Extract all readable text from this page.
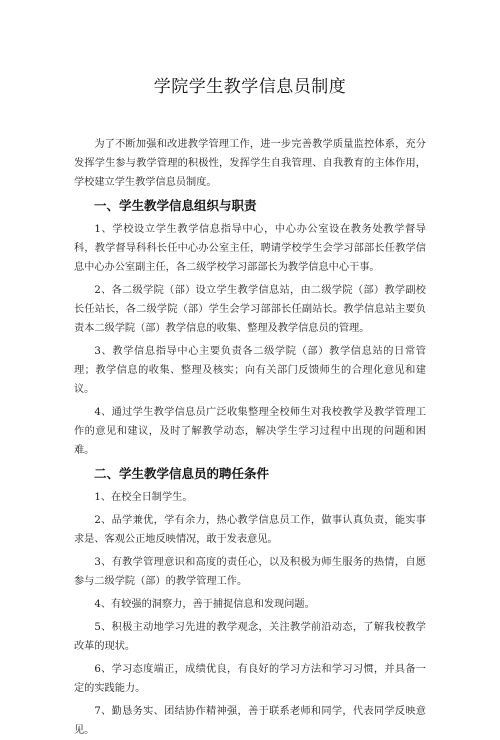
学院学生教学信息员制度

为了不断加强和改进教学管理工作，进一步完善教学质量监控体系，充分发挥学生参与教学管理的积极性，发挥学生自我管理、自我教育的主体作用，学校建立学生教学信息员制度。

一、学生教学信息组织与职责

1、学校设立学生教学信息指导中心，中心办公室设在教务处教学督导科，教学督导科科长任中心办公室主任，聘请学校学生会学习部部长任教学信息中心办公室副主任，各二级学校学习部部长为教学信息中心干事。

2、各二级学院（部）设立学生教学信息站，由二级学院（部）教学副校长任站长，各二级学院（部）学生会学习部部长任副站长。教学信息站主要负责本二级学院（部）教学信息的收集、整理及教学信息员的管理。

3、教学信息指导中心主要负责各二级学院（部）教学信息站的日常管理；教学信息的收集、整理及核实；向有关部门反馈师生的合理化意见和建议。

4、通过学生教学信息员广泛收集整理全校师生对我校教学及教学管理工作的意见和建议，及时了解教学动态，解决学生学习过程中出现的问题和困难。

二、学生教学信息员的聘任条件

1、在校全日制学生。

2、品学兼优，学有余力，热心教学信息员工作，做事认真负责，能实事求是、客观公正地反映情况，敢于发表意见。

3、有教学管理意识和高度的责任心，以及积极为师生服务的热情，自愿参与二级学院（部）的教学管理工作。

4、有较强的洞察力，善于捕捉信息和发现问题。

5、积极主动地学习先进的教学观念，关注教学前沿动态，了解我校教学改革的现状。

6、学习态度端正，成绩优良，有良好的学习方法和学习习惯，并具备一定的实践能力。

7、勤恳务实、团结协作精神强，善于联系老师和同学，代表同学反映意见。
